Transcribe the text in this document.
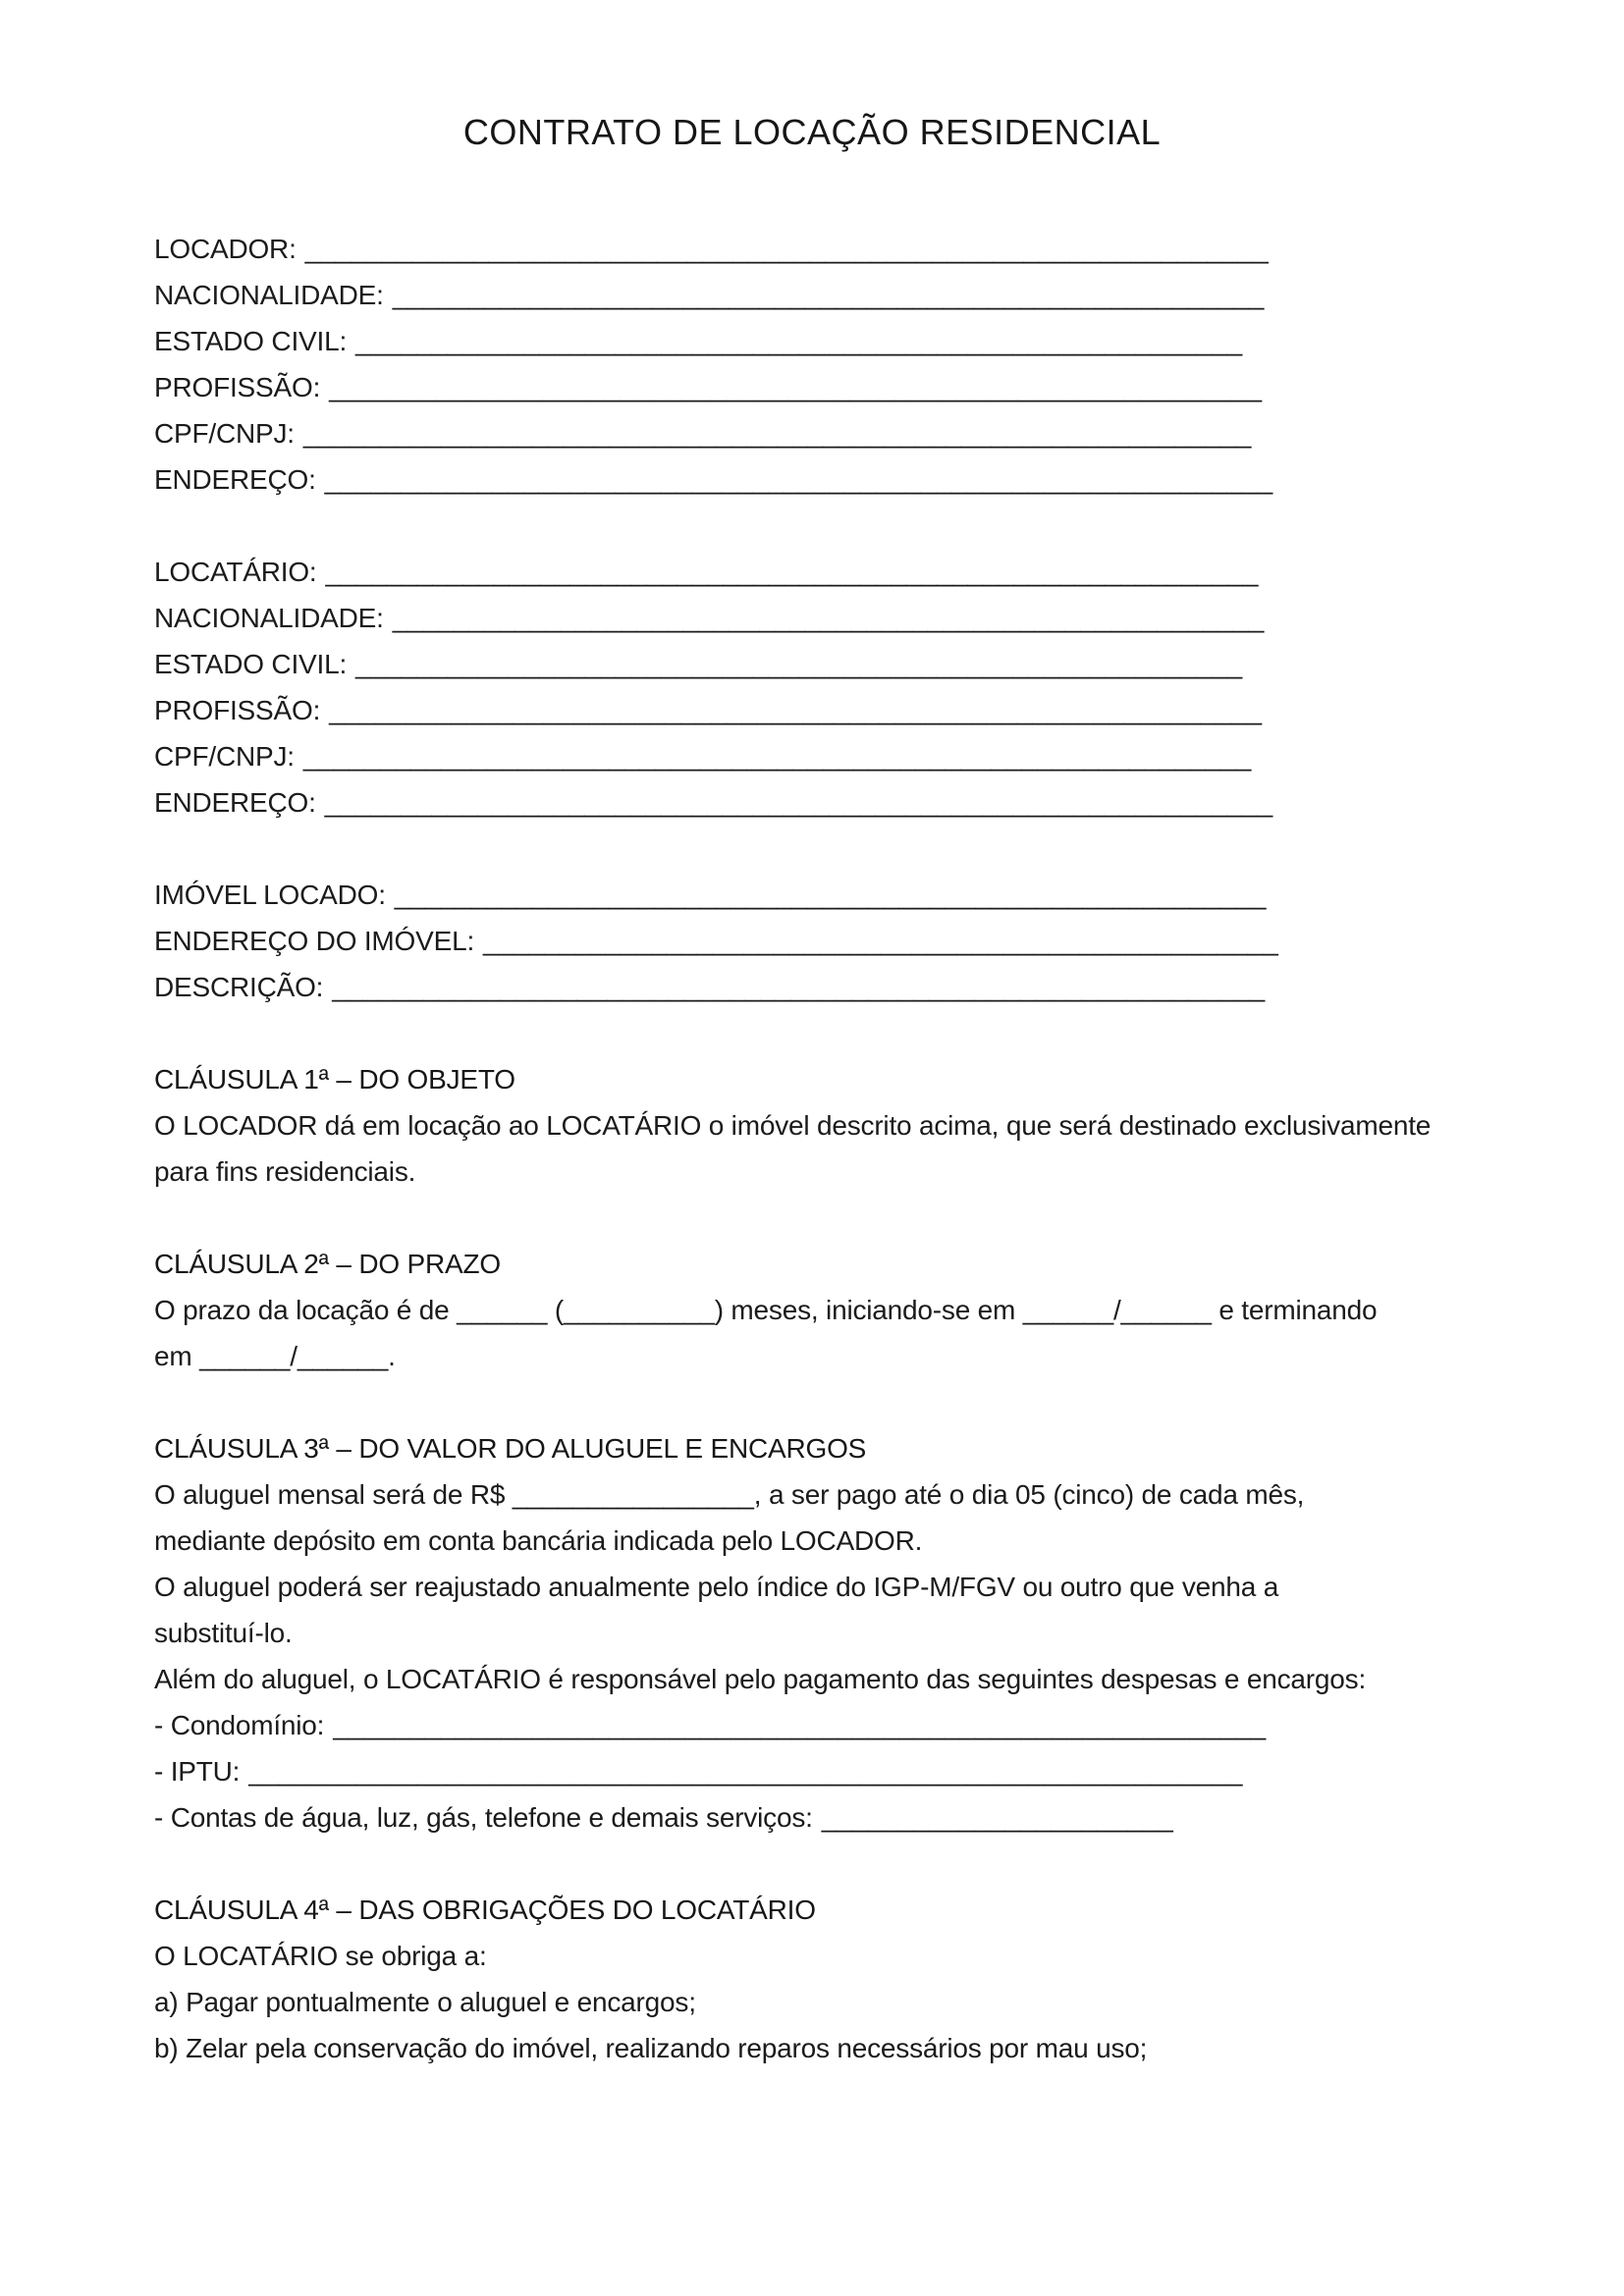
CONTRATO DE LOCAÇÃO RESIDENCIAL
LOCADOR: _______________________________________________________________
NACIONALIDADE: _________________________________________________________
ESTADO CIVIL: __________________________________________________________
PROFISSÃO: _____________________________________________________________
CPF/CNPJ: ______________________________________________________________
ENDEREÇO: ______________________________________________________________
LOCATÁRIO: _____________________________________________________________
NACIONALIDADE: _________________________________________________________
ESTADO CIVIL: __________________________________________________________
PROFISSÃO: _____________________________________________________________
CPF/CNPJ: ______________________________________________________________
ENDEREÇO: ______________________________________________________________
IMÓVEL LOCADO: _________________________________________________________
ENDEREÇO DO IMÓVEL: ____________________________________________________
DESCRIÇÃO: _____________________________________________________________
CLÁUSULA 1ª – DO OBJETO
O LOCADOR dá em locação ao LOCATÁRIO o imóvel descrito acima, que será destinado exclusivamente
para fins residenciais.
CLÁUSULA 2ª – DO PRAZO
O prazo da locação é de ______ (__________) meses, iniciando-se em ______/______ e terminando
em ______/______.
CLÁUSULA 3ª – DO VALOR DO ALUGUEL E ENCARGOS
O aluguel mensal será de R$ ________________, a ser pago até o dia 05 (cinco) de cada mês,
mediante depósito em conta bancária indicada pelo LOCADOR.
O aluguel poderá ser reajustado anualmente pelo índice do IGP-M/FGV ou outro que venha a
substituí-lo.
Além do aluguel, o LOCATÁRIO é responsável pelo pagamento das seguintes despesas e encargos:
- Condomínio: _____________________________________________________________
- IPTU: _________________________________________________________________
- Contas de água, luz, gás, telefone e demais serviços: _______________________
CLÁUSULA 4ª – DAS OBRIGAÇÕES DO LOCATÁRIO
O LOCATÁRIO se obriga a:
a) Pagar pontualmente o aluguel e encargos;
b) Zelar pela conservação do imóvel, realizando reparos necessários por mau uso;
